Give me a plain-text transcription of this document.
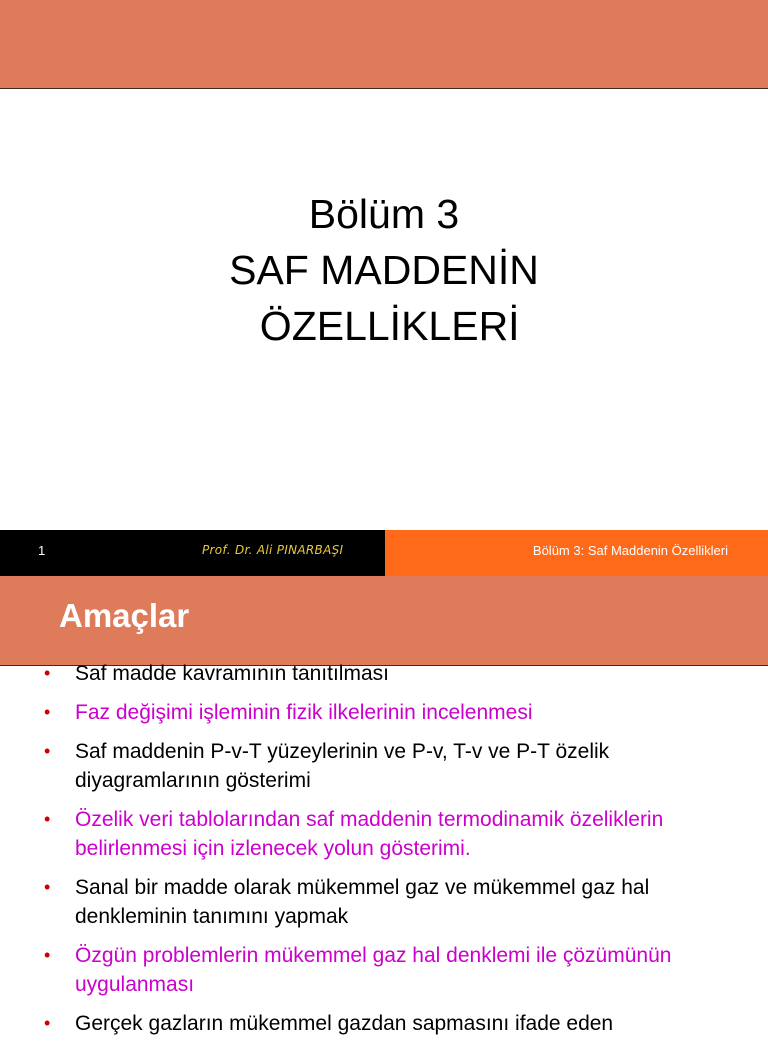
Bölüm 3
SAF MADDENİN
ÖZELLİKLERİ
1	Prof. Dr. Ali PINARBAŞI	Bölüm 3: Saf Maddenin Özellikleri
Amaçlar
• Saf madde kavramının tanıtılması
• Faz değişimi işleminin fizik ilkelerinin incelenmesi
• Saf maddenin P-v-T yüzeylerinin ve P-v, T-v ve P-T özelik diyagramlarının gösterimi
• Özelik veri tablolarından saf maddenin termodinamik özeliklerin belirlenmesi için izlenecek yolun gösterimi.
• Sanal bir madde olarak mükemmel gaz ve mükemmel gaz hal denkleminin tanımını yapmak
• Özgün problemlerin mükemmel gaz hal denklemi ile çözümünün uygulanması
• Gerçek gazların mükemmel gazdan sapmasını ifade eden
